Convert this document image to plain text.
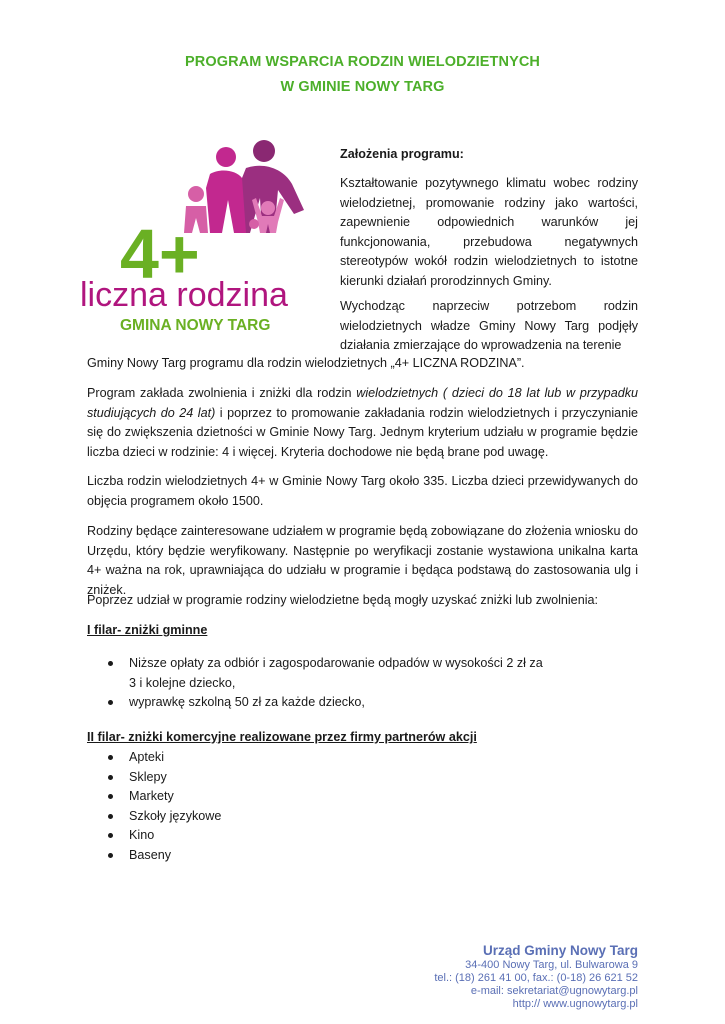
PROGRAM WSPARCIA RODZIN WIELODZIETNYCH
W GMINIE NOWY TARG
4+
liczna rodzina
GMINA NOWY TARG
Założenia programu:
Kształtowanie pozytywnego klimatu wobec rodziny wielodzietnej, promowanie rodziny jako wartości, zapewnienie odpowiednich warunków jej funkcjonowania, przebudowa negatywnych stereotypów wokół rodzin wielodzietnych to istotne kierunki działań prorodzinnych Gminy.
Wychodząc naprzeciw potrzebom rodzin wielodzietnych władze Gminy Nowy Targ podjęły działania zmierzające do wprowadzenia na terenie
Gminy Nowy Targ programu dla rodzin wielodzietnych „4+ LICZNA RODZINA”.
Program zakłada zwolnienia i zniżki dla rodzin wielodzietnych ( dzieci do 18 lat lub w przypadku studiujących do 24 lat) i poprzez to promowanie zakładania rodzin wielodzietnych i przyczynianie się do zwiększenia dzietności w Gminie Nowy Targ. Jednym kryterium udziału w programie będzie liczba dzieci w rodzinie: 4 i więcej. Kryteria dochodowe nie będą brane pod uwagę.
Liczba rodzin wielodzietnych 4+ w Gminie Nowy Targ około 335. Liczba dzieci przewidywanych do objęcia programem około 1500.
Rodziny będące zainteresowane udziałem w programie będą zobowiązane do złożenia wniosku do Urzędu, który będzie weryfikowany. Następnie po weryfikacji zostanie wystawiona unikalna karta 4+ ważna na rok, uprawniająca do udziału w programie i będąca podstawą do zastosowania ulg i zniżek.
Poprzez udział w programie rodziny wielodzietne będą mogły uzyskać zniżki lub zwolnienia:
I filar- zniżki gminne
Niższe opłaty za odbiór i zagospodarowanie odpadów w wysokości 2 zł za 3 i kolejne dziecko,
wyprawkę szkolną 50 zł za każde dziecko,
II filar- zniżki komercyjne realizowane przez firmy partnerów akcji
Apteki
Sklepy
Markety
Szkoły językowe
Kino
Baseny
Urząd Gminy Nowy Targ
34-400 Nowy Targ, ul. Bulwarowa 9
tel.: (18) 261 41 00, fax.: (0-18) 26 621 52
e-mail: sekretariat@ugnowytarg.pl
http:// www.ugnowytarg.pl
